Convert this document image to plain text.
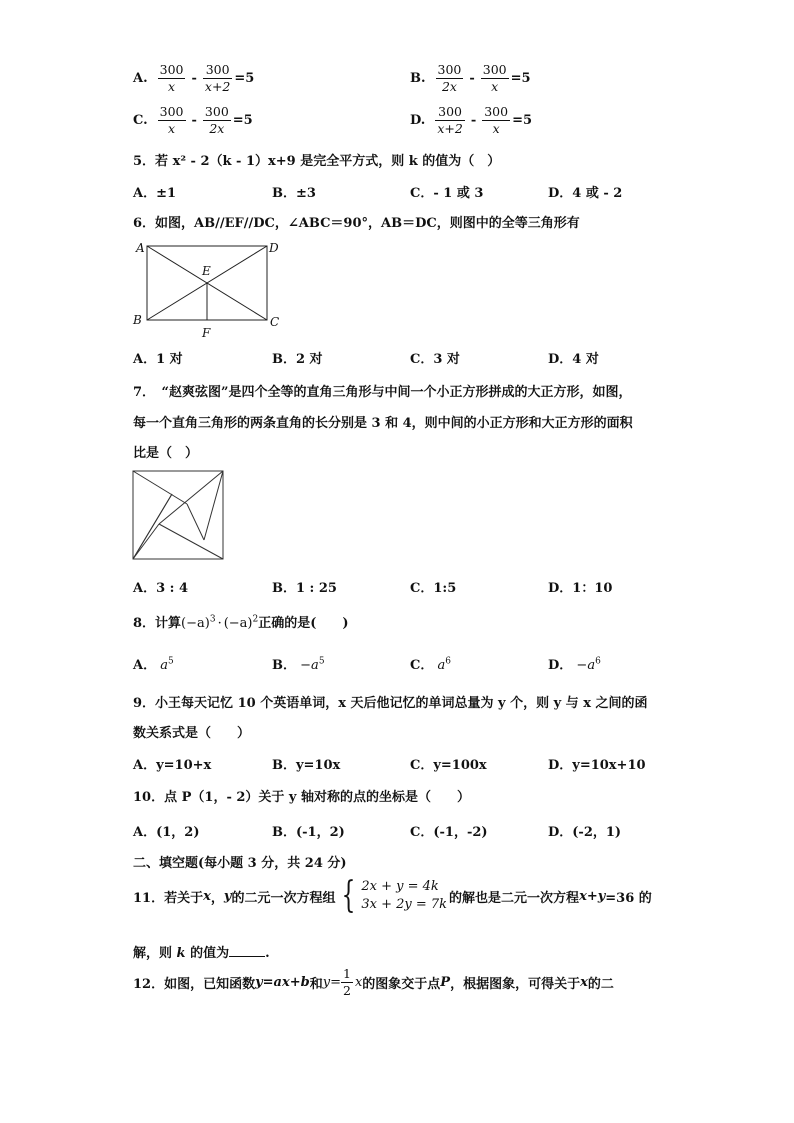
A. $\frac{300}{x} - \frac{300}{x+2} =5$	B. $\frac{300}{2x} - \frac{300}{x} =5$
C. $\frac{300}{x} - \frac{300}{2x} =5$	D. $\frac{300}{x+2} - \frac{300}{x} =5$
5．若 x² - 2（k - 1）x+9 是完全平方式，则 k 的值为（　）
A．±1	B．±3	C．- 1 或 3	D．4 或 - 2
6．如图，AB//EF//DC，∠ABC＝90°，AB＝DC，则图中的全等三角形有
A	D
E
B	C
F
A．1 对	B．2 对	C．3 对	D．4 对
7．　“赵爽弦图”是四个全等的直角三角形与中间一个小正方形拼成的大正方形，如图，
每一个直角三角形的两条直角的长分别是 3 和 4，则中间的小正方形和大正方形的面积
比是（　）
A．3 : 4	B．1 : 25	C．1:5	D．1：10
8．计算$(-a)^3 \cdot (-a)^2$正确的是(　　)
A． $a^5$	B． $-a^5$	C． $a^6$	D． $-a^6$
9．小王每天记忆 10 个英语单词，x 天后他记忆的单词总量为 y 个，则 y 与 x 之间的函
数关系式是（　　）
A．y=10+x	B．y=10x	C．y=100x	D．y=10x+10
10．点 P（1，- 2）关于 y 轴对称的点的坐标是（　　）
A．(1，2)	B．(-1，2)	C．(-1，-2)	D．(-2，1)
二、填空题(每小题 3 分，共 24 分)
11．若关于 x ， y 的二元一次方程组 { 2x + y = 4k
3x + 2y = 7k 的解也是二元一次方程 x+y =36 的
解，则 k 的值为	.
12．如图，已知函数 y=ax+b 和 $y = \frac{1}{2}$ x 的图象交于点 P ，根据图象，可得关于 x 的二
